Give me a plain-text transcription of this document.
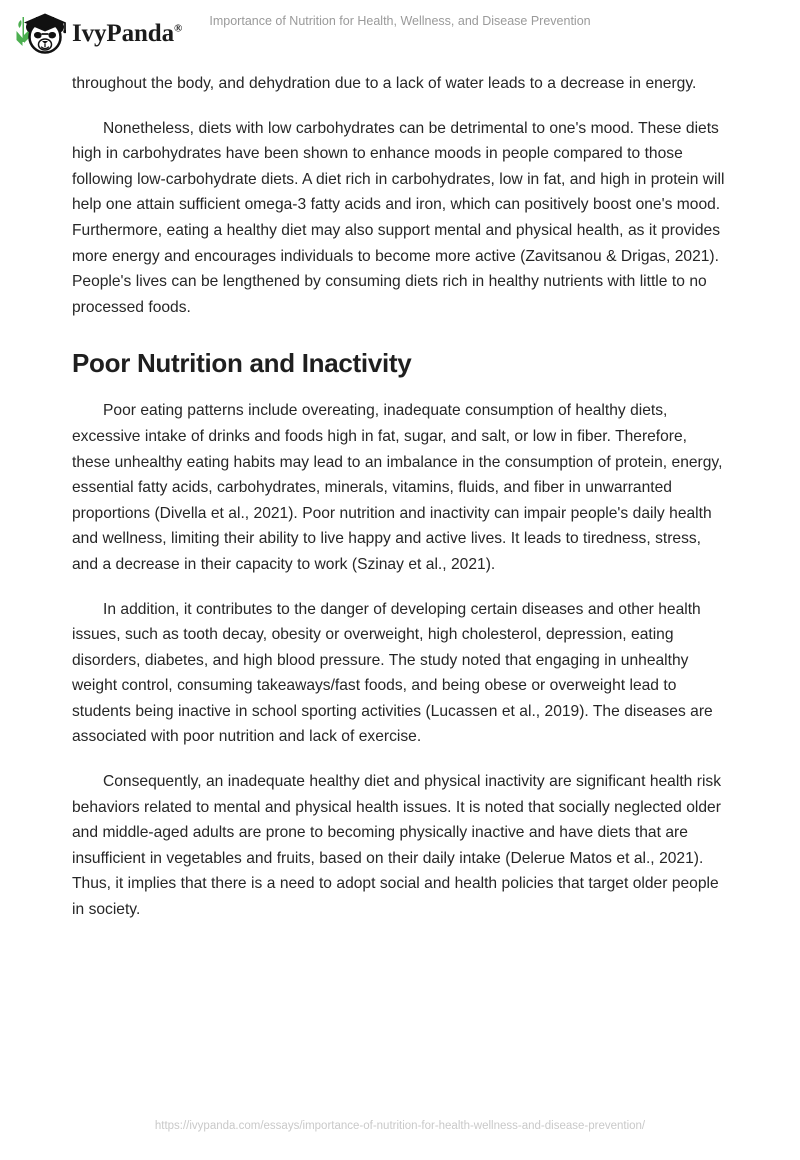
IvyPanda®
Importance of Nutrition for Health, Wellness, and Disease Prevention

throughout the body, and dehydration due to a lack of water leads to a decrease in energy.

Nonetheless, diets with low carbohydrates can be detrimental to one's mood. These diets high in carbohydrates have been shown to enhance moods in people compared to those following low-carbohydrate diets. A diet rich in carbohydrates, low in fat, and high in protein will help one attain sufficient omega-3 fatty acids and iron, which can positively boost one's mood. Furthermore, eating a healthy diet may also support mental and physical health, as it provides more energy and encourages individuals to become more active (Zavitsanou & Drigas, 2021). People's lives can be lengthened by consuming diets rich in healthy nutrients with little to no processed foods.

Poor Nutrition and Inactivity

Poor eating patterns include overeating, inadequate consumption of healthy diets, excessive intake of drinks and foods high in fat, sugar, and salt, or low in fiber. Therefore, these unhealthy eating habits may lead to an imbalance in the consumption of protein, energy, essential fatty acids, carbohydrates, minerals, vitamins, fluids, and fiber in unwarranted proportions (Divella et al., 2021). Poor nutrition and inactivity can impair people's daily health and wellness, limiting their ability to live happy and active lives. It leads to tiredness, stress, and a decrease in their capacity to work (Szinay et al., 2021).

In addition, it contributes to the danger of developing certain diseases and other health issues, such as tooth decay, obesity or overweight, high cholesterol, depression, eating disorders, diabetes, and high blood pressure. The study noted that engaging in unhealthy weight control, consuming takeaways/fast foods, and being obese or overweight lead to students being inactive in school sporting activities (Lucassen et al., 2019). The diseases are associated with poor nutrition and lack of exercise.

Consequently, an inadequate healthy diet and physical inactivity are significant health risk behaviors related to mental and physical health issues. It is noted that socially neglected older and middle-aged adults are prone to becoming physically inactive and have diets that are insufficient in vegetables and fruits, based on their daily intake (Delerue Matos et al., 2021). Thus, it implies that there is a need to adopt social and health policies that target older people in society.

https://ivypanda.com/essays/importance-of-nutrition-for-health-wellness-and-disease-prevention/
